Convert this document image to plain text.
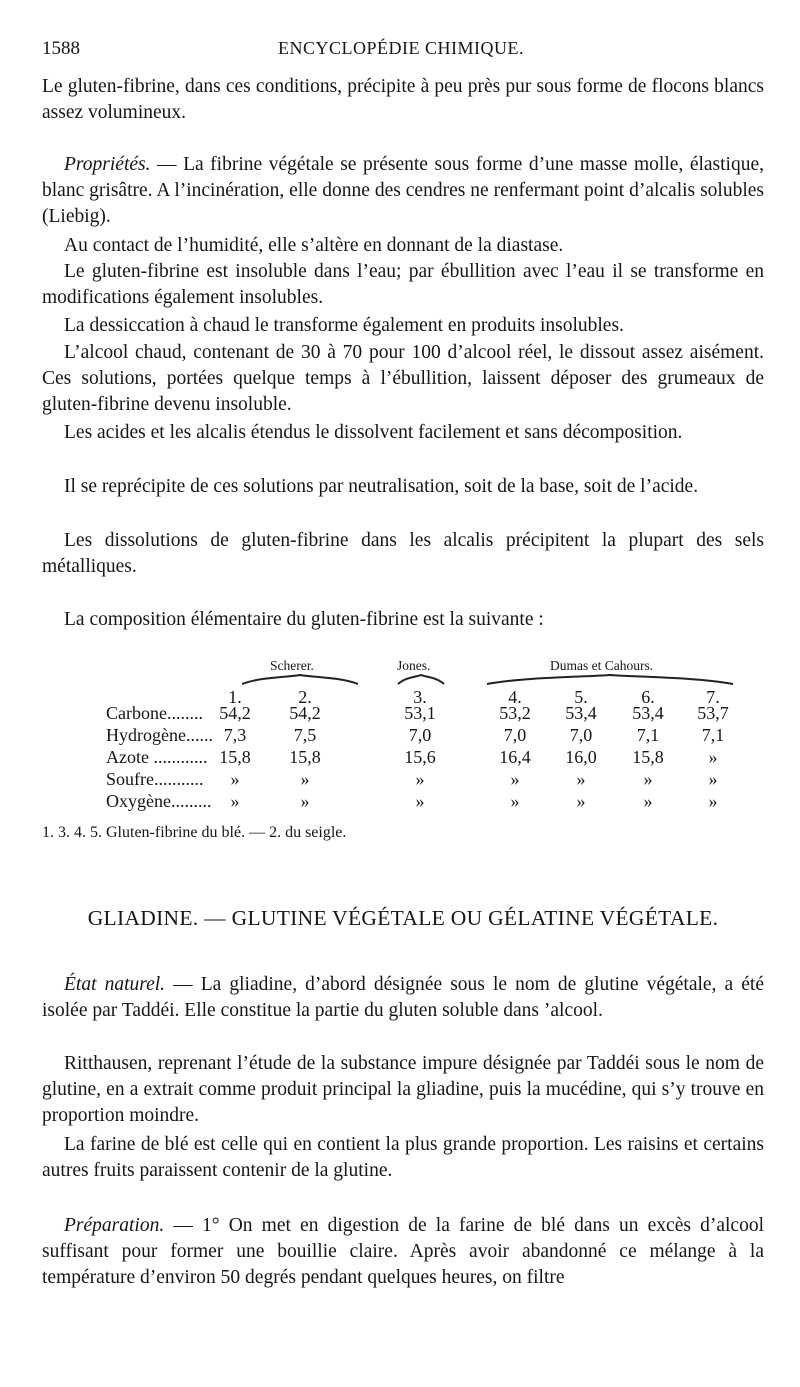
1588	ENCYCLOPÉDIE CHIMIQUE.

Le gluten-fibrine, dans ces conditions, précipite à peu près pur sous forme de flocons blancs assez volumineux.

Propriétés. — La fibrine végétale se présente sous forme d’une masse molle, élastique, blanc grisâtre. A l’incinération, elle donne des cendres ne renfermant point d’alcalis solubles (Liebig).

Au contact de l’humidité, elle s’altère en donnant de la diastase.

Le gluten-fibrine est insoluble dans l’eau; par ébullition avec l’eau il se transforme en modifications également insolubles.

La dessiccation à chaud le transforme également en produits insolubles.

L’alcool chaud, contenant de 30 à 70 pour 100 d’alcool réel, le dissout assez aisément. Ces solutions, portées quelque temps à l’ébullition, laissent déposer des grumeaux de gluten-fibrine devenu insoluble.

Les acides et les alcalis étendus le dissolvent facilement et sans décomposition.

Il se reprécipite de ces solutions par neutralisation, soit de la base, soit de l’acide.

Les dissolutions de gluten-fibrine dans les alcalis précipitent la plupart des sels métalliques.

La composition élémentaire du gluten-fibrine est la suivante :

Scherer.	Jones.	Dumas et Cahours.
1.	2.	3.	4.	5.	6.	7.
Carbone........ 54,2	54,2	53,1	53,2	53,4	53,4	53,7
Hydrogène...... 7,3	7,5	7,0	7,0	7,0	7,1	7,1
Azote ............ 15,8	15,8	15,6	16,4	16,0	15,8	»
Soufre...........	»	»	»	»	»	»	»
Oxygène.........	»	»	»	»	»	»	»
1. 3. 4. 5. Gluten-fibrine du blé. — 2. du seigle.
GLIADINE. — GLUTINE VÉGÉTALE OU GÉLATINE VÉGÉTALE.

État naturel. — La gliadine, d’abord désignée sous le nom de glutine végétale, a été isolée par Taddéi. Elle constitue la partie du gluten soluble dans ’alcool.

Ritthausen, reprenant l’étude de la substance impure désignée par Taddéi sous le nom de glutine, en a extrait comme produit principal la gliadine, puis la mucédine, qui s’y trouve en proportion moindre.

La farine de blé est celle qui en contient la plus grande proportion. Les raisins et certains autres fruits paraissent contenir de la glutine.

Préparation. — 1° On met en digestion de la farine de blé dans un excès d’alcool suffisant pour former une bouillie claire. Après avoir abandonné ce mélange à la température d’environ 50 degrés pendant quelques heures, on filtre
